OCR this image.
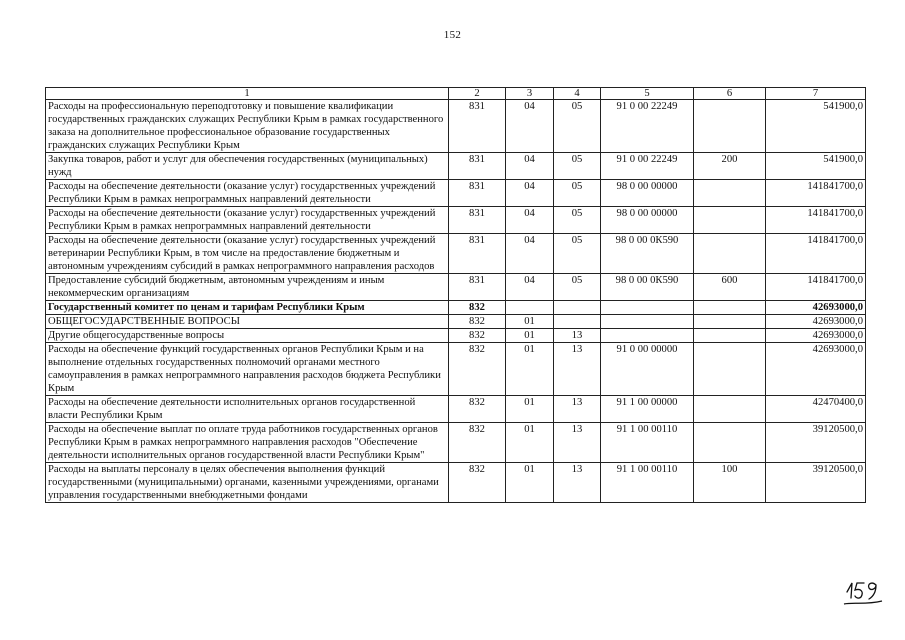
152
1	2	3	4	5	6	7
Расходы на профессиональную переподготовку и повышение квалификации государственных гражданских служащих Республики Крым в рамках государственного заказа на дополнительное профессиональное образование государственных гражданских служащих Республики Крым	831	04	05	91 0 00 22249		541900,0
Закупка товаров, работ и услуг для обеспечения государственных (муниципальных) нужд	831	04	05	91 0 00 22249	200	541900,0
Расходы на обеспечение деятельности (оказание услуг) государственных учреждений Республики Крым в рамках непрограммных направлений деятельности	831	04	05	98 0 00 00000		141841700,0
Расходы на обеспечение деятельности (оказание услуг) государственных учреждений Республики Крым в рамках непрограммных направлений деятельности	831	04	05	98 0 00 00000		141841700,0
Расходы на обеспечение деятельности (оказание услуг) государственных учреждений ветеринарии Республики Крым, в том числе на предоставление бюджетным и автономным учреждениям субсидий в рамках непрограммного направления расходов	831	04	05	98 0 00 0К590		141841700,0
Предоставление субсидий бюджетным, автономным учреждениям и иным некоммерческим организациям	831	04	05	98 0 00 0К590	600	141841700,0
Государственный комитет по ценам и тарифам Республики Крым	832					42693000,0
ОБЩЕГОСУДАРСТВЕННЫЕ ВОПРОСЫ	832	01				42693000,0
Другие общегосударственные вопросы	832	01	13			42693000,0
Расходы на обеспечение функций государственных органов Республики Крым и на выполнение отдельных государственных полномочий органами местного самоуправления в рамках непрограммного направления расходов бюджета Республики Крым	832	01	13	91 0 00 00000		42693000,0
Расходы на обеспечение деятельности исполнительных органов государственной власти Республики Крым	832	01	13	91 1 00 00000		42470400,0
Расходы на обеспечение выплат по оплате труда работников государственных органов Республики Крым в рамках непрограммного направления расходов "Обеспечение деятельности исполнительных органов государственной власти Республики Крым"	832	01	13	91 1 00 00110		39120500,0
Расходы на выплаты персоналу в целях обеспечения выполнения функций государственными (муниципальными) органами, казенными учреждениями, органами управления государственными внебюджетными фондами	832	01	13	91 1 00 00110	100	39120500,0
